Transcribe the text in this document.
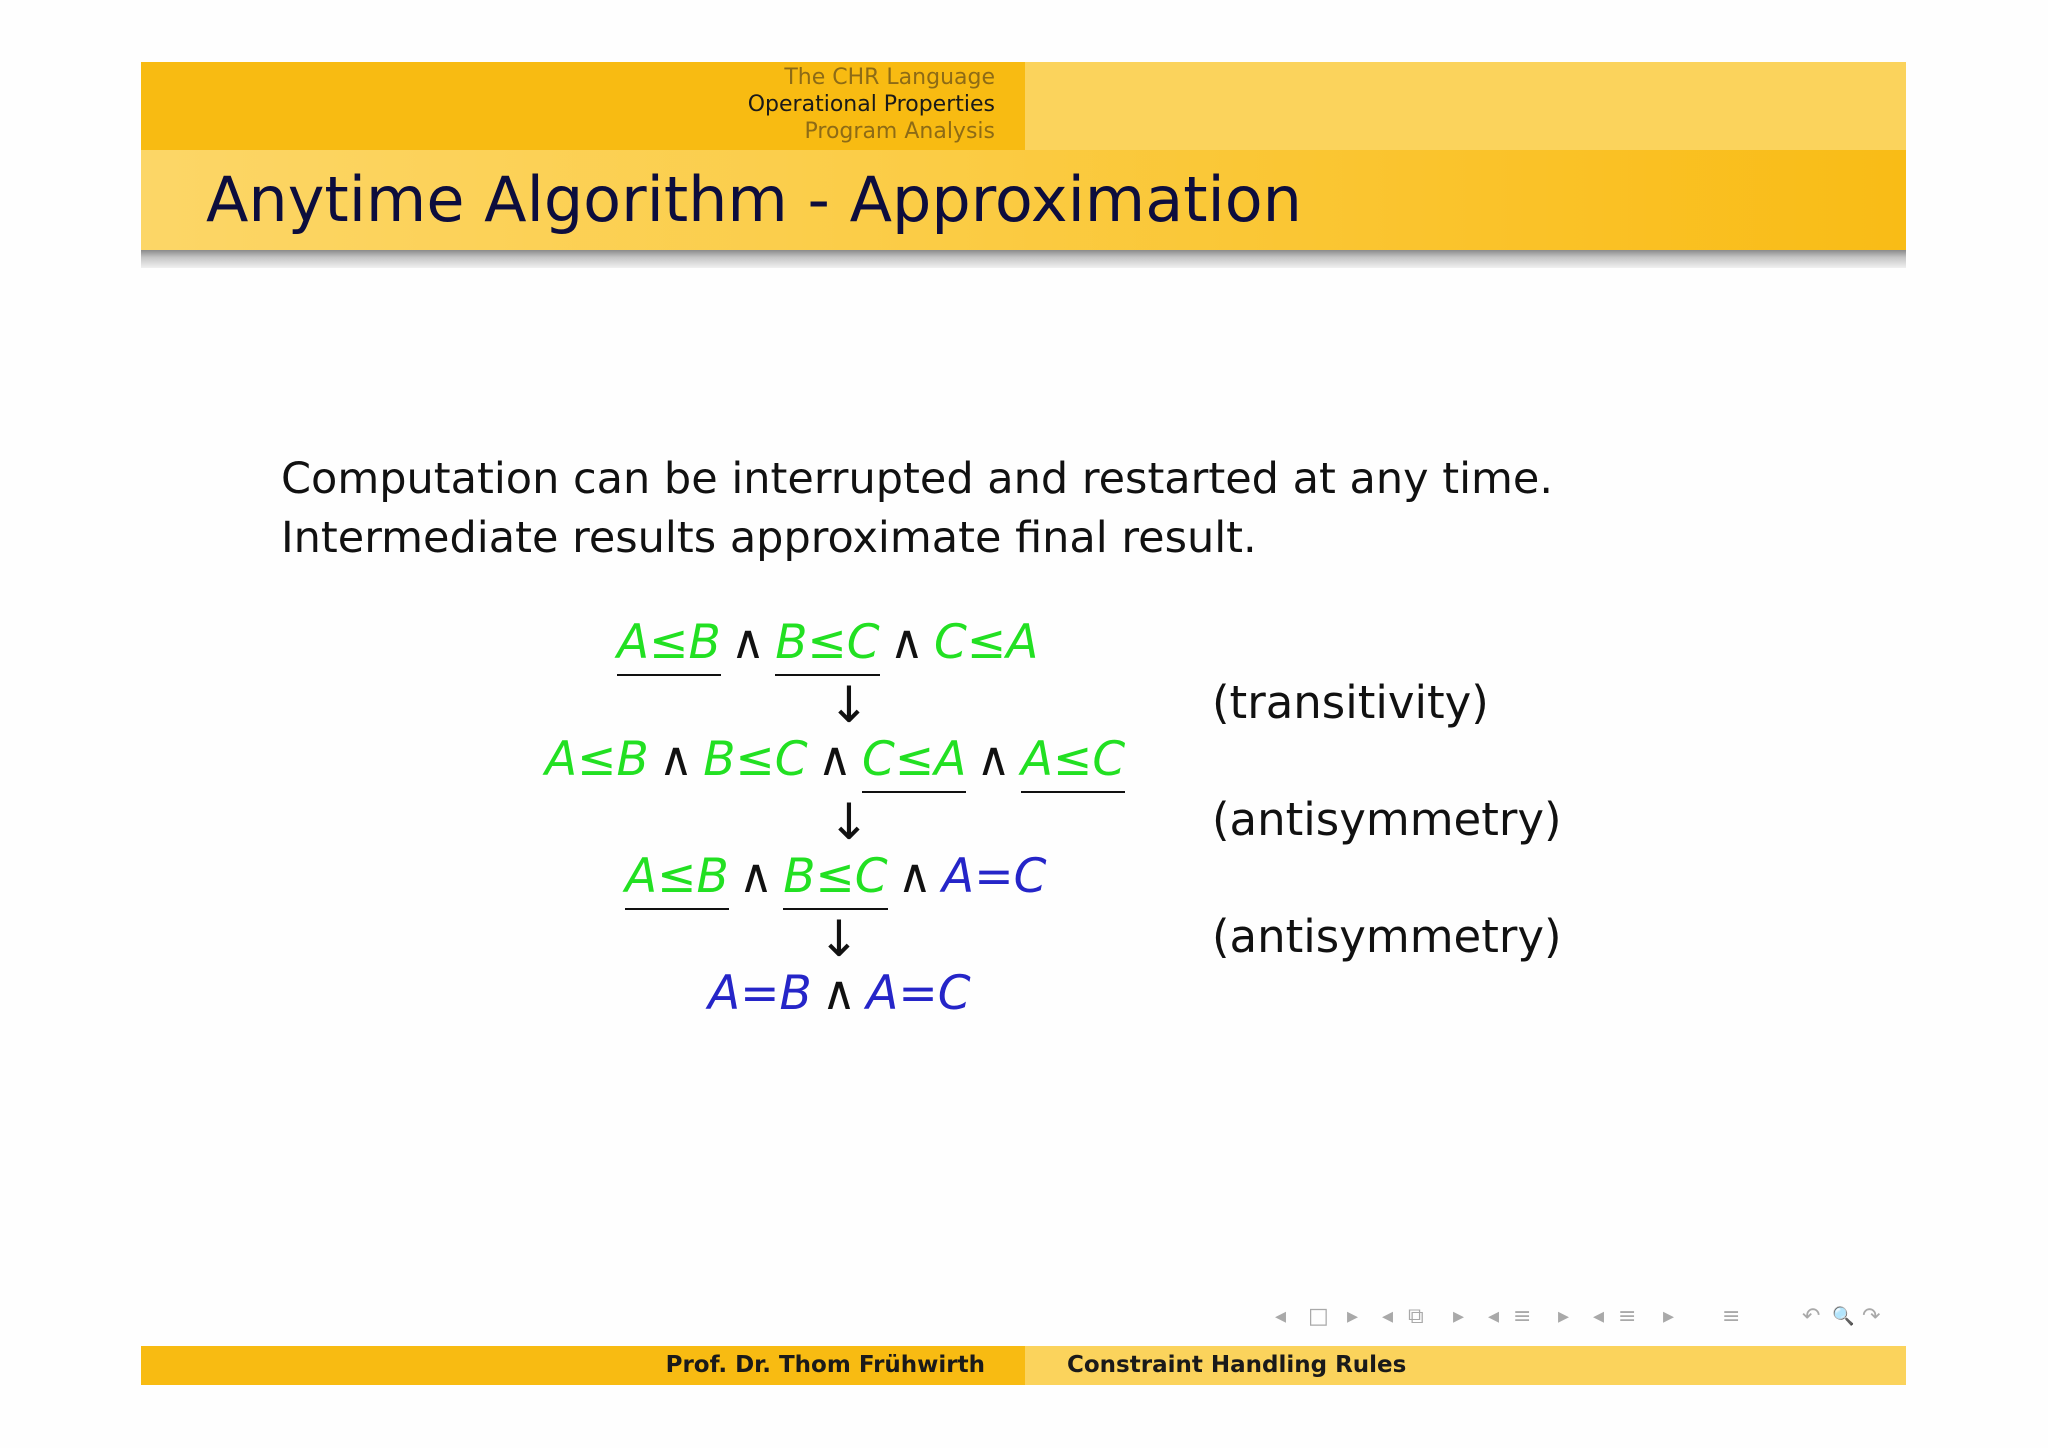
The CHR Language
Operational Properties
Program Analysis
Anytime Algorithm - Approximation
Computation can be interrupted and restarted at any time.
Intermediate results approximate final result.
A≤B ∧ B≤C ∧ C≤A
↓	(transitivity)
A≤B ∧ B≤C ∧ C≤A ∧ A≤C
↓	(antisymmetry)
A≤B ∧ B≤C ∧ A=C
↓	(antisymmetry)
A=B ∧ A=C
◂ □ ▸ ◂ ⧉ ▸ ◂ ≡ ▸ ◂ ≡ ▸ ≡	↶ 🔍 ↷
Prof. Dr. Thom Frühwirth	Constraint Handling Rules
